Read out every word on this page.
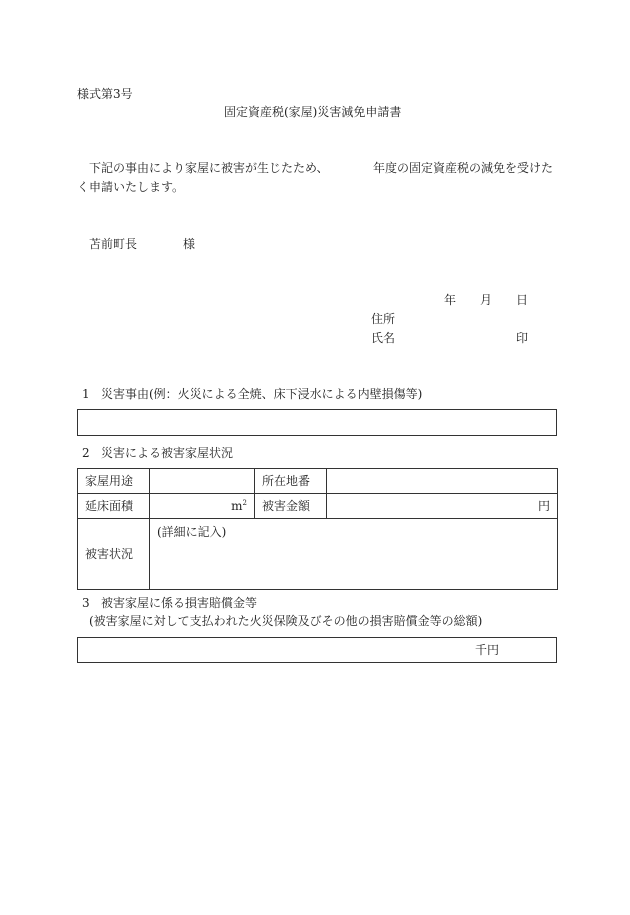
様式第3号
固定資産税(家屋)災害減免申請書
下記の事由により家屋に被害が生じたため、	年度の固定資産税の減免を受けた
く申請いたします。
苫前町長	様
年 月 日
住所
氏名	印
1 災害事由(例：火災による全焼、床下浸水による内壁損傷等)
2 災害による被害家屋状況
家屋用途		所在地番	
延床面積	$m^2$	被害金額	円
被害状況	(詳細に記入)		
3 被害家屋に係る損害賠償金等
(被害家屋に対して支払われた火災保険及びその他の損害賠償金等の総額)
千円
